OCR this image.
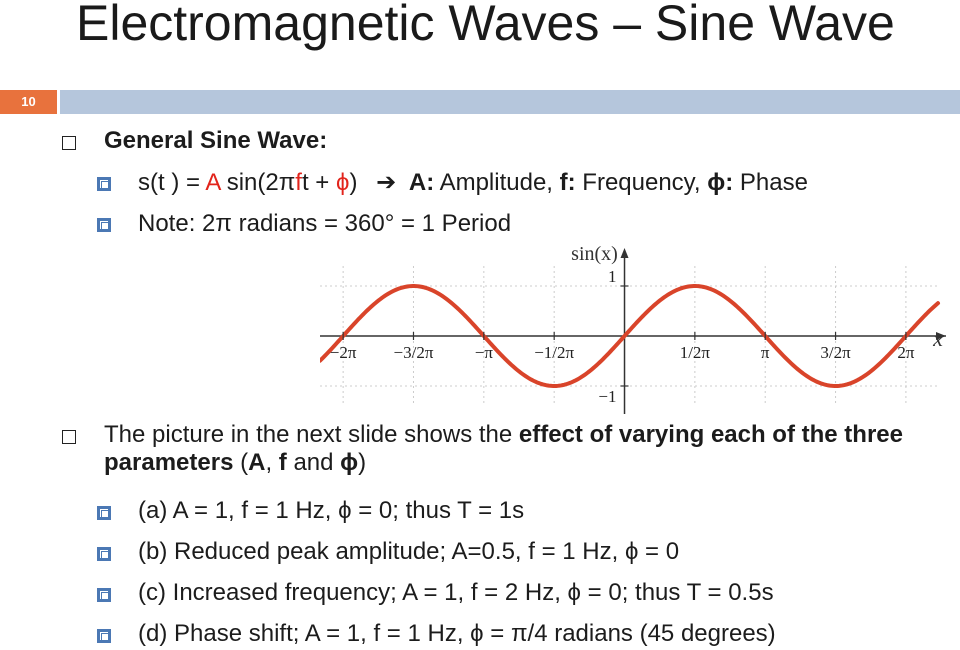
Electromagnetic Waves – Sine Wave
10
General Sine Wave:
s(t ) = A sin(2πft + ϕ) ➔ A: Amplitude, f: Frequency, ϕ: Phase
Note: 2π radians = 360° = 1 Period
−2π −3/2π −π −1/2π	1/2π	π	3/2π	2π
1
−1
sin(x)
x
The picture in the next slide shows the effect of varying each of the three parameters (A, f and ϕ)
(a) A = 1, f = 1 Hz, ϕ = 0; thus T = 1s
(b) Reduced peak amplitude; A=0.5, f = 1 Hz, ϕ = 0
(c) Increased frequency; A = 1, f = 2 Hz, ϕ = 0; thus T = 0.5s
(d) Phase shift; A = 1, f = 1 Hz, ϕ = π/4 radians (45 degrees)
